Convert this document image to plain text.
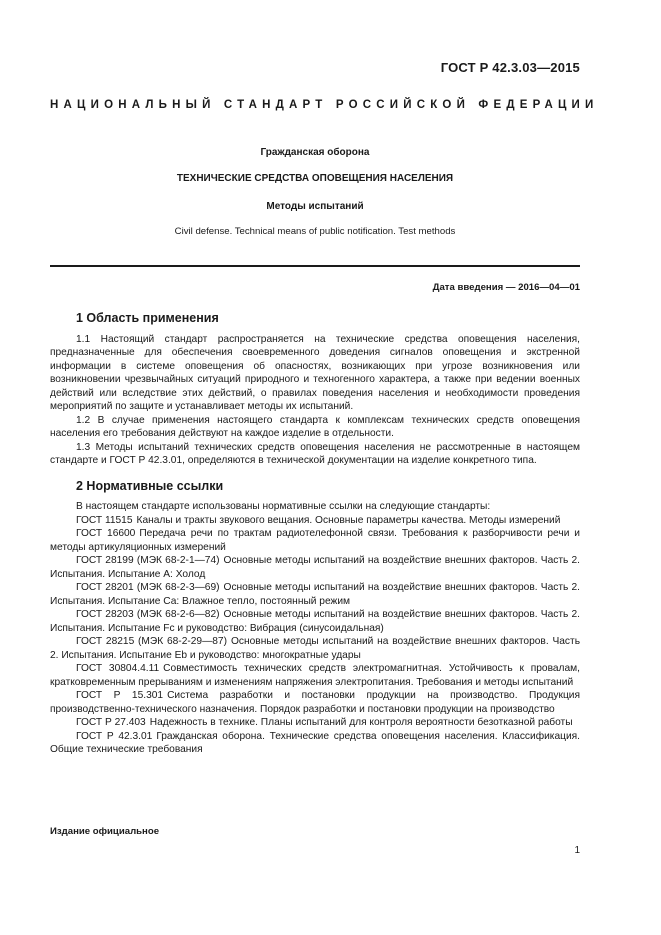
ГОСТ Р 42.3.03—2015
НАЦИОНАЛЬНЫЙ СТАНДАРТ РОССИЙСКОЙ ФЕДЕРАЦИИ
Гражданская оборона
ТЕХНИЧЕСКИЕ СРЕДСТВА ОПОВЕЩЕНИЯ НАСЕЛЕНИЯ
Методы испытаний
Civil defense. Technical means of public notification. Test methods
Дата введения — 2016—04—01
1 Область применения

1.1 Настоящий стандарт распространяется на технические средства оповещения населения, предназначенные для обеспечения своевременного доведения сигналов оповещения и экстренной информации в системе оповещения об опасностях, возникающих при угрозе возникновения или возникновении чрезвычайных ситуаций природного и техногенного характера, а также при ведении военных действий или вследствие этих действий, о правилах поведения населения и необходимости проведения мероприятий по защите и устанавливает методы их испытаний.

1.2 В случае применения настоящего стандарта к комплексам технических средств оповещения населения его требования действуют на каждое изделие в отдельности.

1.3 Методы испытаний технических средств оповещения населения не рассмотренные в настоящем стандарте и ГОСТ Р 42.3.01, определяются в технической документации на изделие конкретного типа.

2 Нормативные ссылки

В настоящем стандарте использованы нормативные ссылки на следующие стандарты:

ГОСТ 11515 Каналы и тракты звукового вещания. Основные параметры качества. Методы измерений

ГОСТ 16600 Передача речи по трактам радиотелефонной связи. Требования к разборчивости речи и методы артикуляционных измерений

ГОСТ 28199 (МЭК 68-2-1—74) Основные методы испытаний на воздействие внешних факторов. Часть 2. Испытания. Испытание А: Холод

ГОСТ 28201 (МЭК 68-2-3—69) Основные методы испытаний на воздействие внешних факторов. Часть 2. Испытания. Испытание Са: Влажное тепло, постоянный режим

ГОСТ 28203 (МЭК 68-2-6—82) Основные методы испытаний на воздействие внешних факторов. Часть 2. Испытания. Испытание Fc и руководство: Вибрация (синусоидальная)

ГОСТ 28215 (МЭК 68-2-29—87) Основные методы испытаний на воздействие внешних факторов. Часть 2. Испытания. Испытание Eb и руководство: многократные удары

ГОСТ 30804.4.11 Совместимость технических средств электромагнитная. Устойчивость к провалам, кратковременным прерываниям и изменениям напряжения электропитания. Требования и методы испытаний

ГОСТ Р 15.301 Система разработки и постановки продукции на производство. Продукция производственно-технического назначения. Порядок разработки и постановки продукции на производство

ГОСТ Р 27.403 Надежность в технике. Планы испытаний для контроля вероятности безотказной работы

ГОСТ Р 42.3.01 Гражданская оборона. Технические средства оповещения населения. Классификация. Общие технические требования

Издание официальное
1
